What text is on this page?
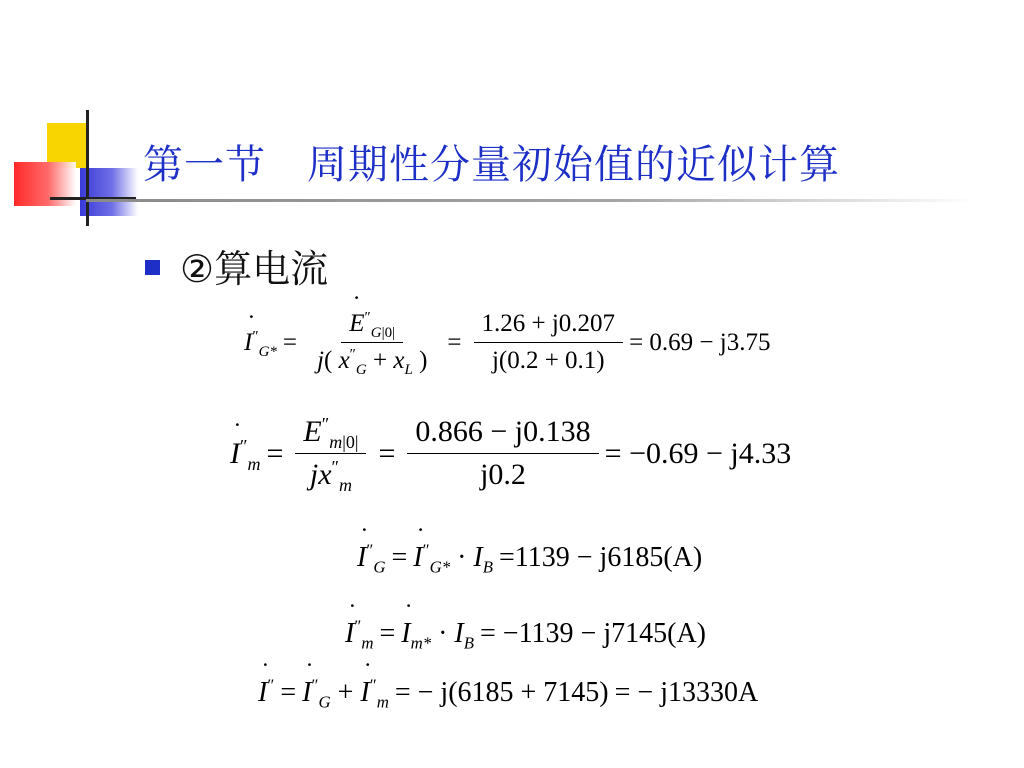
第一节　周期性分量初始值的近似计算
②算电流
˙ $I''_{G*}$ = ˙ $\frac{E''_{G|0|}}{j( x''_G + x_L )} = \frac{1.26 + j0.207}{j(0.2 + 0.1)} = 0.69 - j3.75$
˙ $I''_m = \frac{E''_{m|0|}}{jx''_m} = \frac{0.866 - j0.138}{j0.2} = -0.69 - j4.33$
˙ $I''_G$ = ˙ $I''_{G*} \cdot I_B =1139 - j6185(A)$
˙ $I''_m$ = ˙ $I_{m*} \cdot I_B = -1139 - j7145(A)$
˙ I″ = ˙ $I''_G$ + ˙ $I''_m$ = − j(6185 + 7145) = − j13330A
